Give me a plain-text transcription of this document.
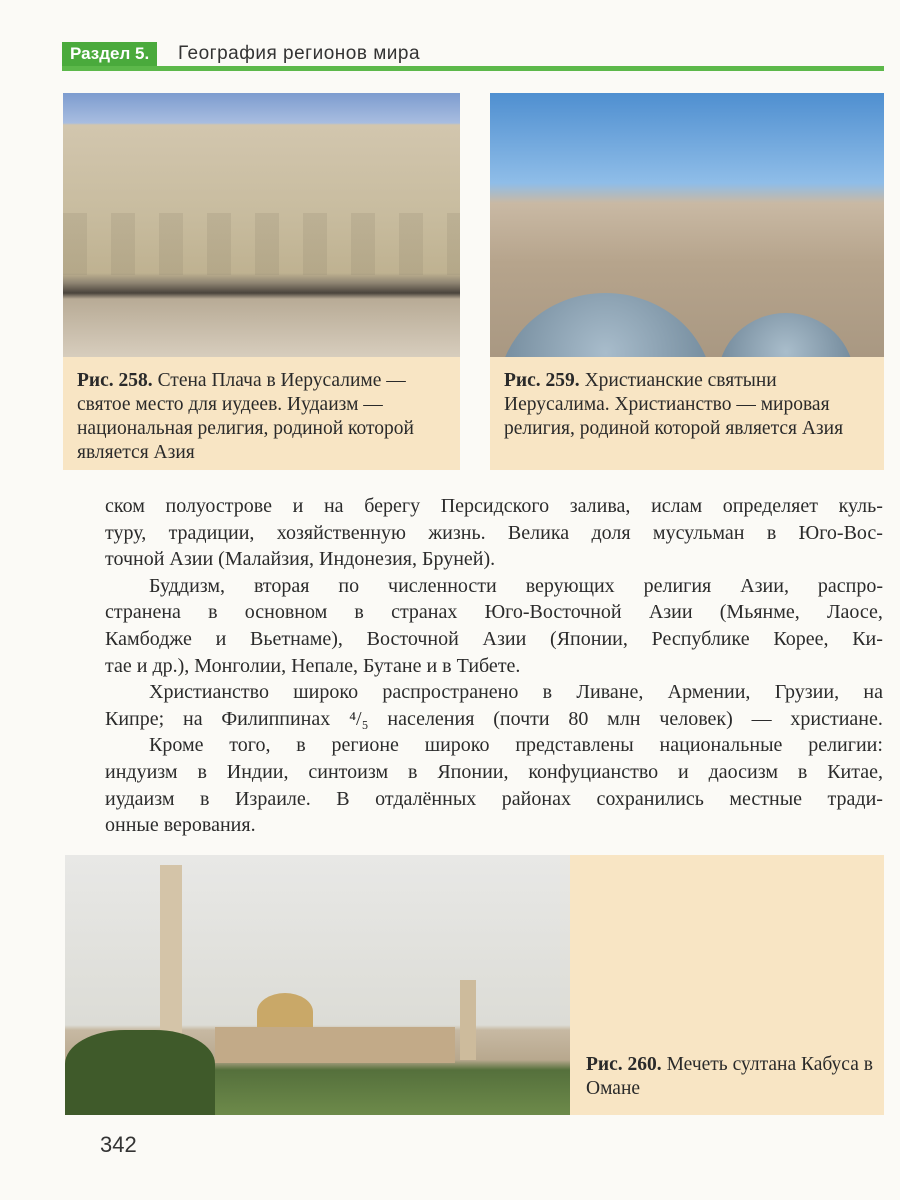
Раздел 5.	География регионов мира
Рис. 258. Стена Плача в Иерусалиме — святое место для иудеев. Иудаизм — национальная религия, родиной которой является Азия
Рис. 259. Христианские святыни Иерусалима. Христианство — мировая религия, родиной которой является Азия
ском полуострове и на берегу Персидского залива, ислам определяет куль-
туру, традиции, хозяйственную жизнь. Велика доля мусульман в Юго-Вос-
точной Азии (Малайзия, Индонезия, Бруней).
Буддизм, вторая по численности верующих религия Азии, распро-
странена в основном в странах Юго-Восточной Азии (Мьянме, Лаосе,
Камбодже и Вьетнаме), Восточной Азии (Японии, Республике Корее, Ки-
тае и др.), Монголии, Непале, Бутане и в Тибете.
Христианство широко распространено в Ливане, Армении, Грузии, на
Кипре; на Филиппинах ⁴/₅ населения (почти 80 млн человек) — христиане.
Кроме того, в регионе широко представлены национальные религии:
индуизм в Индии, синтоизм в Японии, конфуцианство и даосизм в Китае,
иудаизм в Израиле. В отдалённых районах сохранились местные тради-
онные верования.
Рис. 260. Мечеть султана Кабуса в Омане
342
